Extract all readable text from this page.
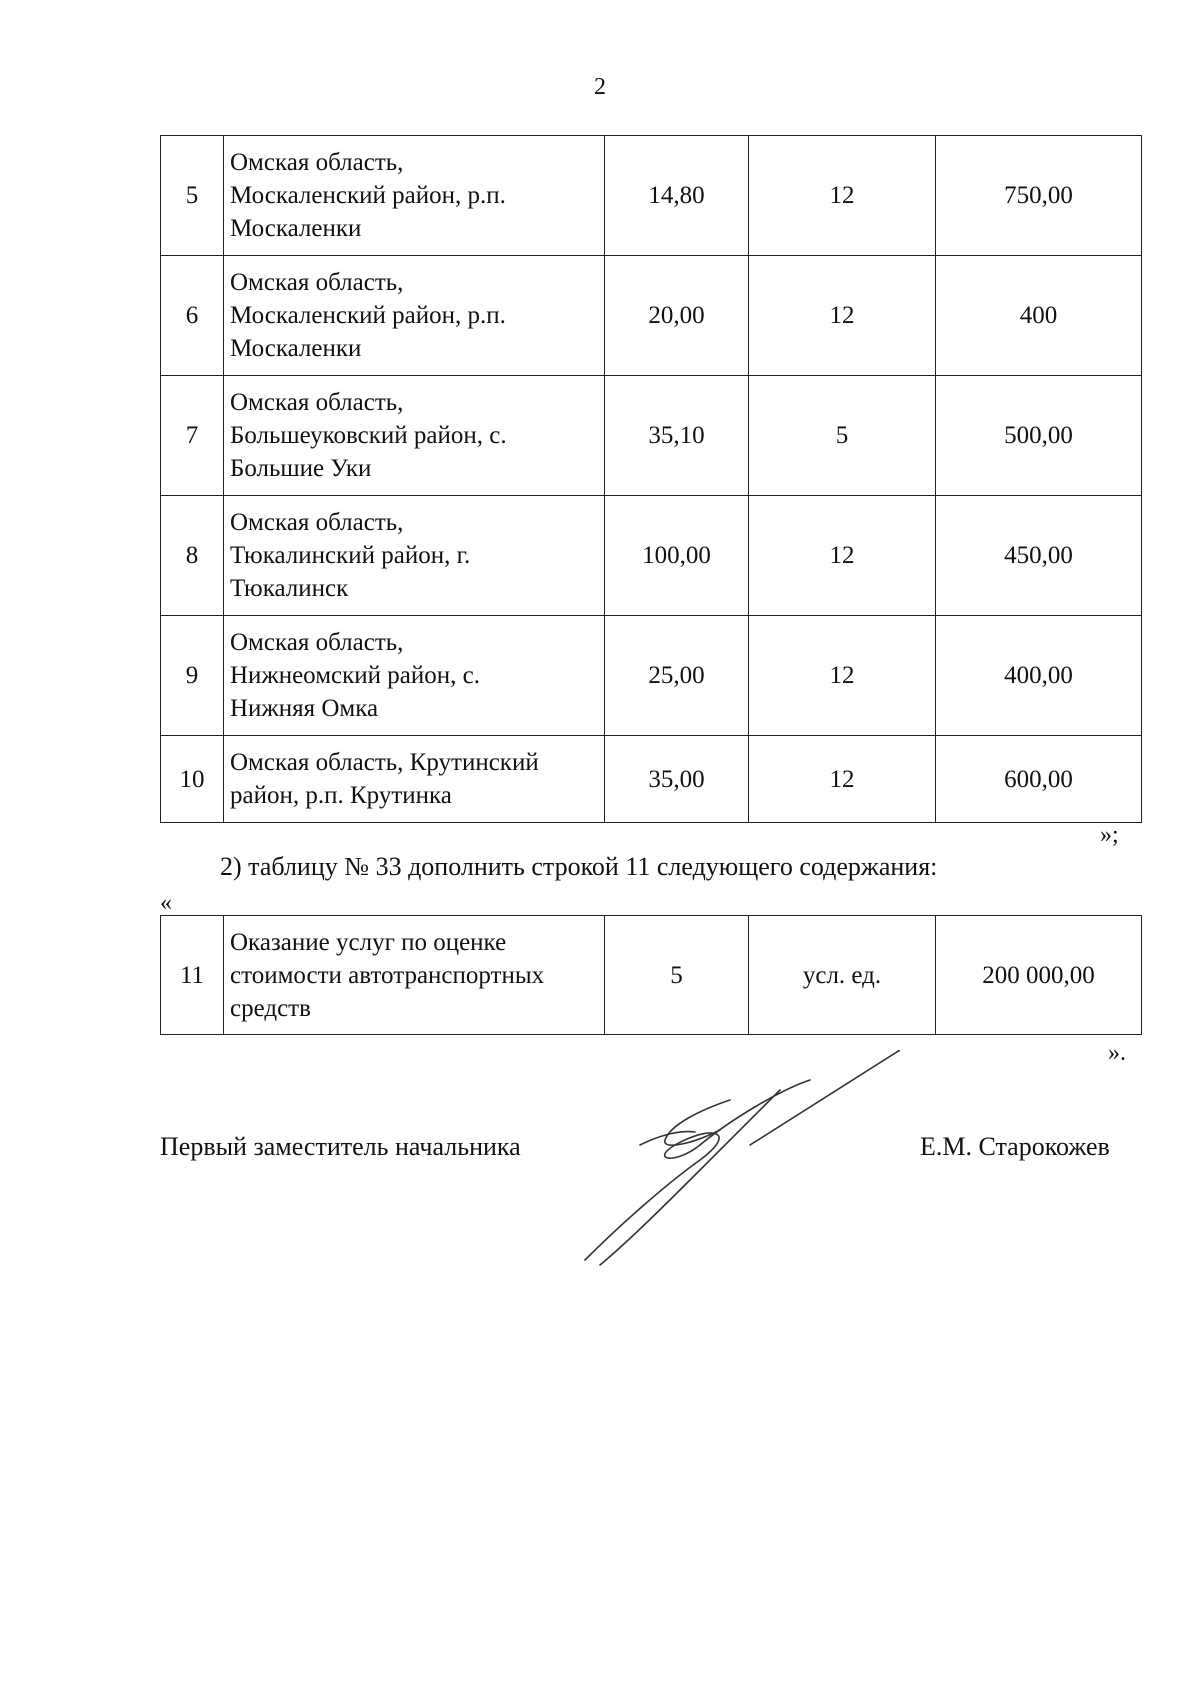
2
5	Омская область,
Москаленский район, р.п.
Москаленки	14,80	12	750,00
6	Омская область,
Москаленский район, р.п.
Москаленки	20,00	12	400
7	Омская область,
Большеуковский район, с.
Большие Уки	35,10	5	500,00
8	Омская область,
Тюкалинский район, г.
Тюкалинск	100,00	12	450,00
9	Омская область,
Нижнеомский район, с.
Нижняя Омка	25,00	12	400,00
10	Омская область, Крутинский
район, р.п. Крутинка	35,00	12	600,00
»;
2) таблицу № 33 дополнить строкой 11 следующего содержания:
«
11	
Оказание услуг по оценке
стоимости автотранспортных
средств
	5	усл. ед.	200 000,00
».
Первый заместитель начальника	Е.М. Старокожев
